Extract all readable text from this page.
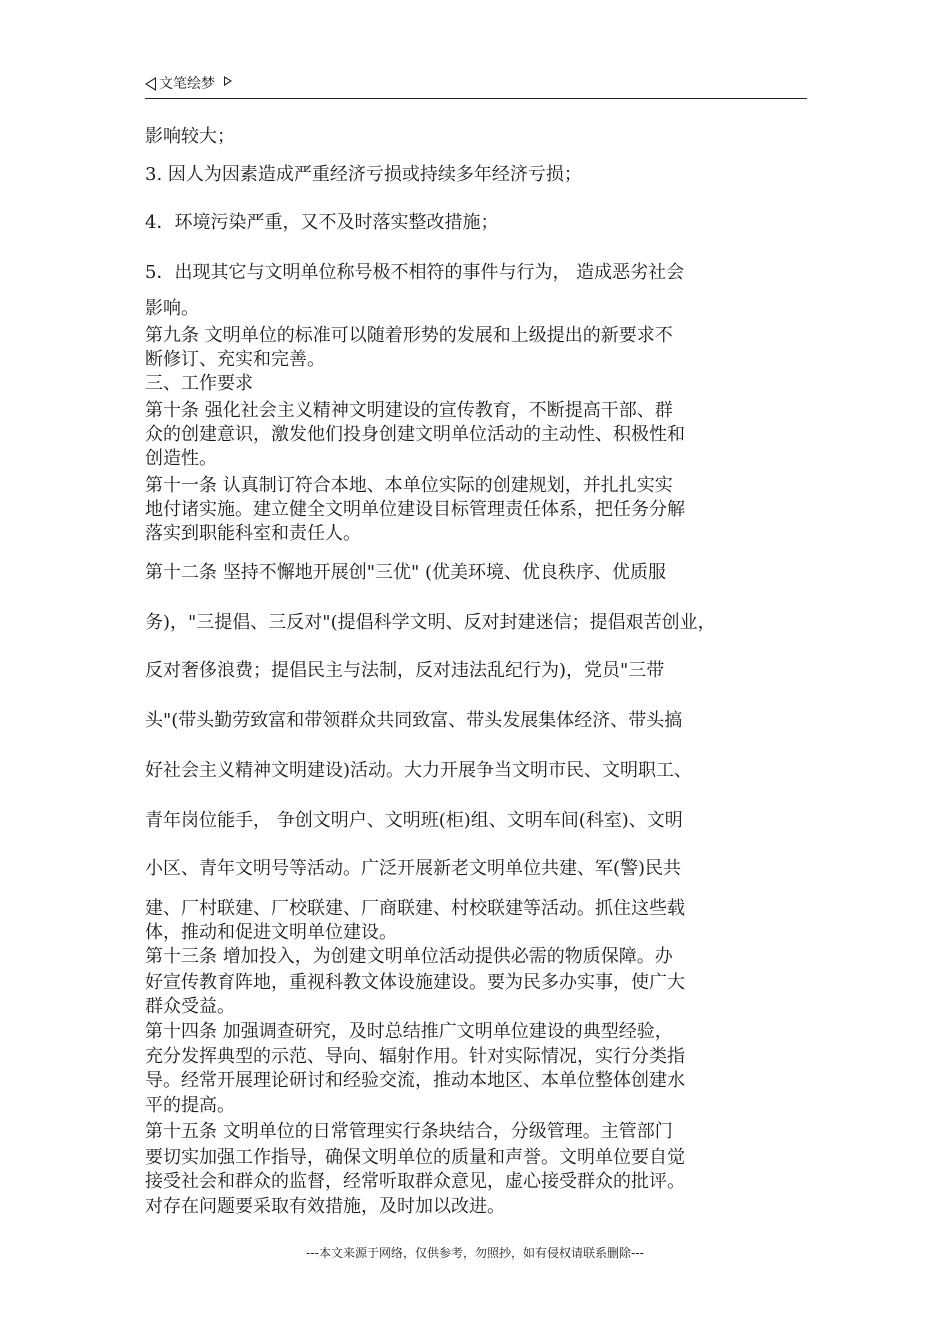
文笔绘梦
影响较大；
3. 因人为因素造成严重经济亏损或持续多年经济亏损；
4．环境污染严重，又不及时落实整改措施；
5．出现其它与文明单位称号极不相符的事件与行为， 造成恶劣社会
影响。
第九条 文明单位的标准可以随着形势的发展和上级提出的新要求不
断修订、充实和完善。
三、工作要求
第十条 强化社会主义精神文明建设的宣传教育，不断提高干部、群
众的创建意识，激发他们投身创建文明单位活动的主动性、积极性和
创造性。
第十一条 认真制订符合本地、本单位实际的创建规划，并扎扎实实
地付诸实施。建立健全文明单位建设目标管理责任体系，把任务分解
落实到职能科室和责任人。
第十二条 坚持不懈地开展创"三优" (优美环境、优良秩序、优质服
务)，"三提倡、三反对"(提倡科学文明、反对封建迷信；提倡艰苦创业，
反对奢侈浪费；提倡民主与法制，反对违法乱纪行为)，党员"三带
头"(带头勤劳致富和带领群众共同致富、带头发展集体经济、带头搞
好社会主义精神文明建设)活动。大力开展争当文明市民、文明职工、
青年岗位能手， 争创文明户、文明班(柜)组、文明车间(科室)、文明
小区、青年文明号等活动。广泛开展新老文明单位共建、军(警)民共
建、厂村联建、厂校联建、厂商联建、村校联建等活动。抓住这些载
体，推动和促进文明单位建设。
第十三条 增加投入，为创建文明单位活动提供必需的物质保障。办
好宣传教育阵地，重视科教文体设施建设。要为民多办实事，使广大
群众受益。
第十四条 加强调查研究，及时总结推广文明单位建设的典型经验，
充分发挥典型的示范、导向、辐射作用。针对实际情况，实行分类指
导。经常开展理论研讨和经验交流，推动本地区、本单位整体创建水
平的提高。
第十五条 文明单位的日常管理实行条块结合，分级管理。主管部门
要切实加强工作指导，确保文明单位的质量和声誉。文明单位要自觉
接受社会和群众的监督，经常听取群众意见，虚心接受群众的批评。
对存在问题要采取有效措施，及时加以改进。
---本文来源于网络，仅供参考，勿照抄，如有侵权请联系删除---
